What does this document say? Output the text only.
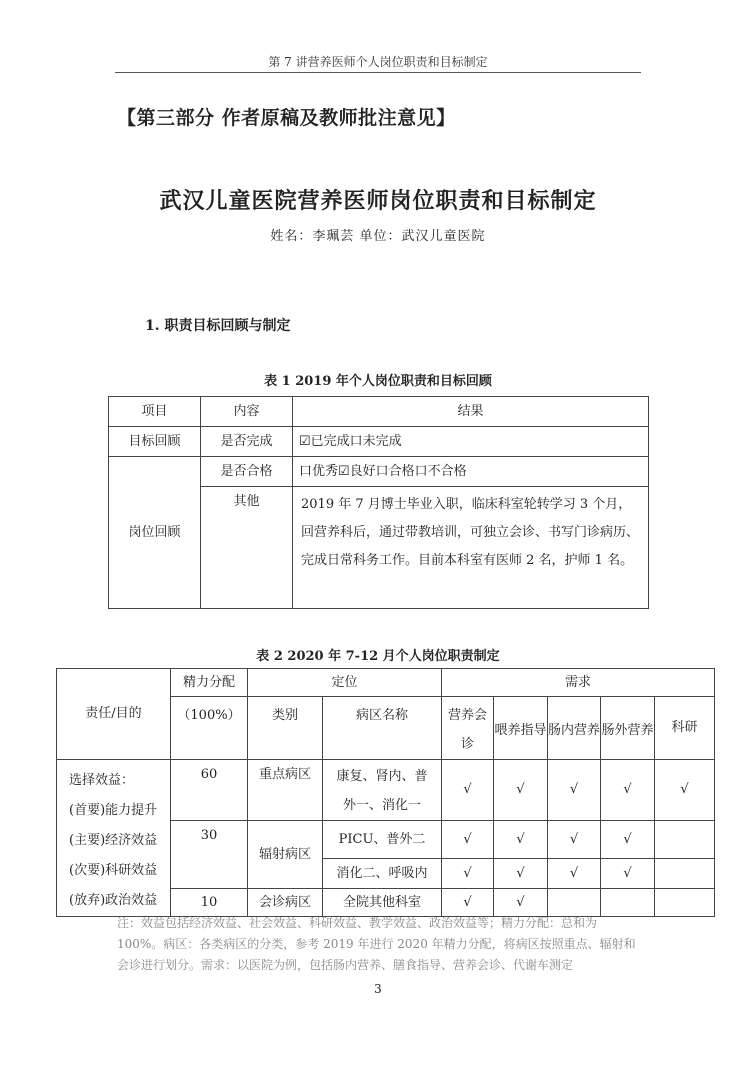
第 7 讲营养医师个人岗位职责和目标制定
【第三部分 作者原稿及教师批注意见】
武汉儿童医院营养医师岗位职责和目标制定
姓名：李珮芸 单位：武汉儿童医院
1. 职责目标回顾与制定
表 1 2019 年个人岗位职责和目标回顾
项目	内容	结果
目标回顾	是否完成	☑已完成口未完成
岗位回顾	是否合格	口优秀☑良好口合格口不合格
	其他	2019 年 7 月博士毕业入职，临床科室轮转学习 3 个月，回营养科后，通过带教培训，可独立会诊、书写门诊病历、完成日常科务工作。目前本科室有医师 2 名，护师 1 名。
表 2 2020 年 7-12 月个人岗位职责制定
责任/目的	精力分配	定位		需求				
	（100%）	类别	病区名称	营养会诊	喂养指导	肠内营养	肠外营养	科研

选择效益：
(首要)能力提升
(主要)经济效益
(次要)科研效益
(放弃)政治效益	60	重点病区	康复、肾内、普外一、消化一	√	√	√	√	√
	30	辐射病区	PICU、普外二	√	√	√	√	
			消化二、呼吸内	√	√	√	√	
	10	会诊病区	全院其他科室	√	√			
注：效益包括经济效益、社会效益、科研效益、教学效益、政治效益等；精力分配：总和为 100%。病区：各类病区的分类，参考 2019 年进行 2020 年精力分配，将病区按照重点、辐射和会诊进行划分。需求：以医院为例，包括肠内营养、膳食指导、营养会诊、代谢车测定
3
